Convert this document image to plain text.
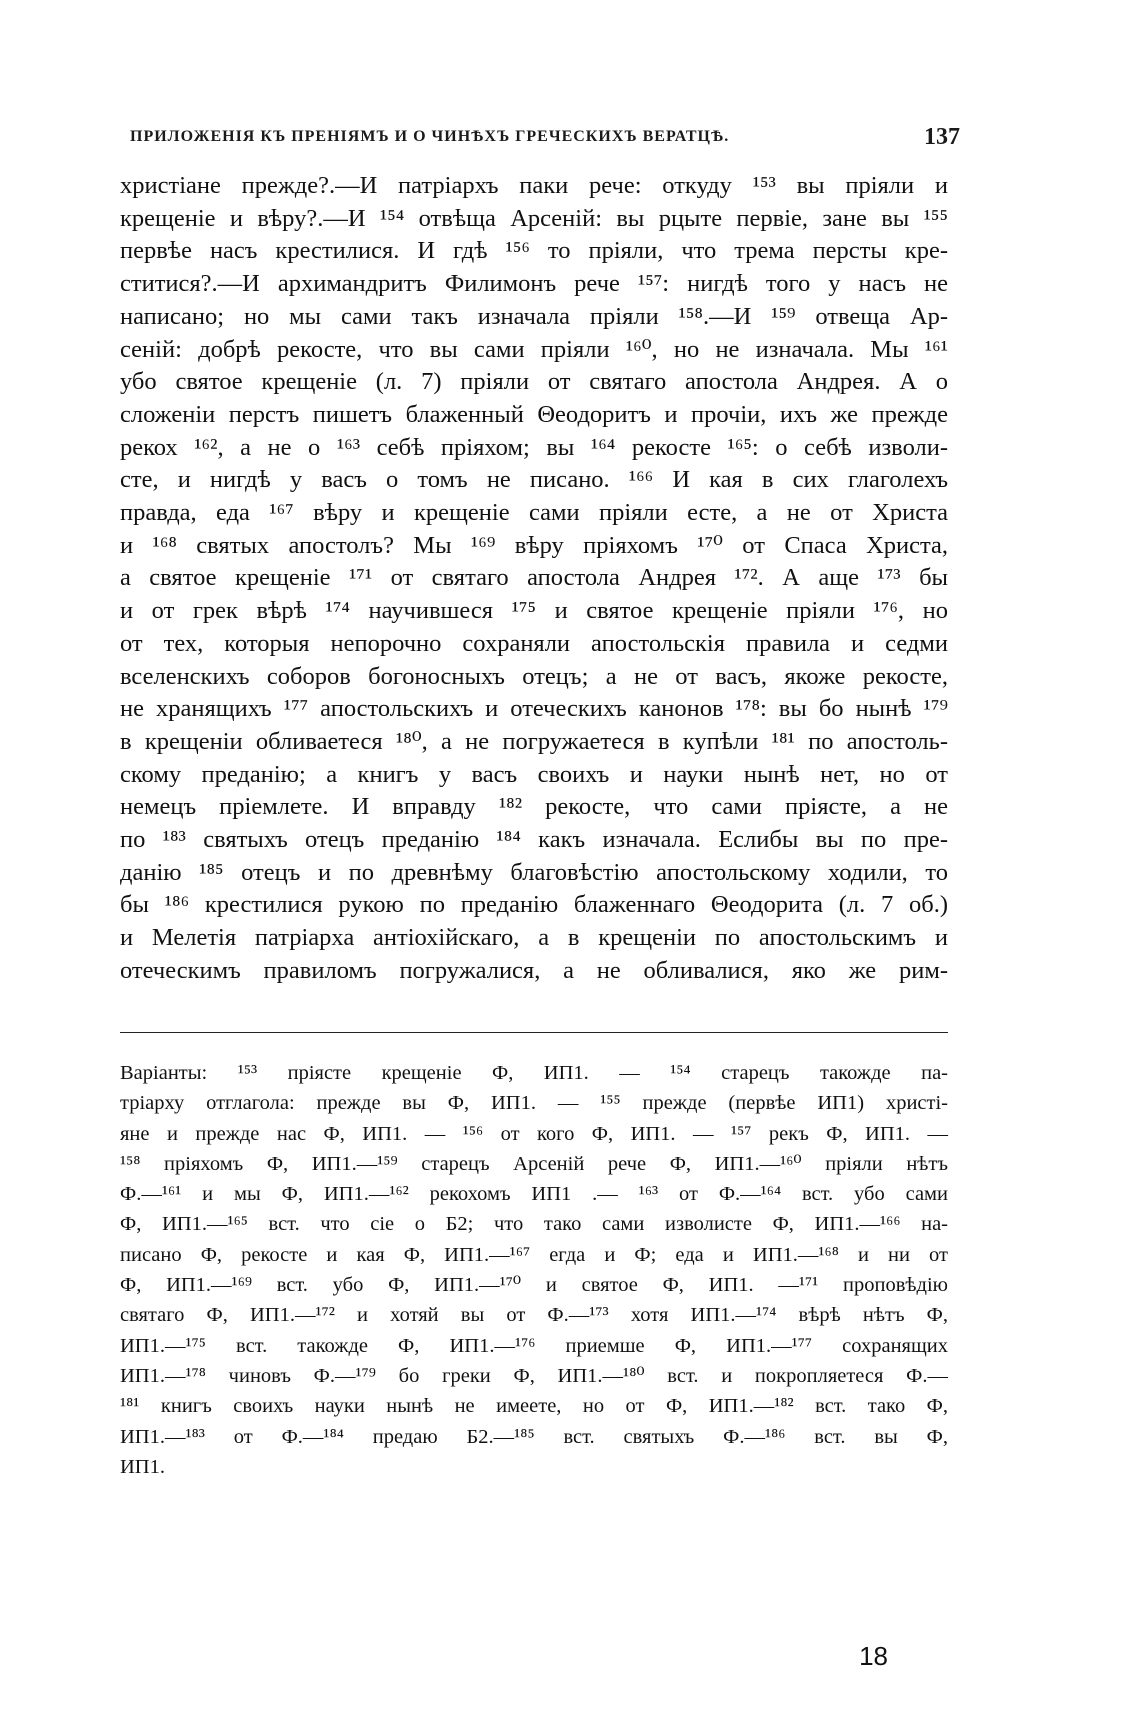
ПРИЛОЖЕНІЯ КЪ ПРЕНІЯМЪ И О ЧИНѢХЪ ГРЕЧЕСКИХЪ ВЕРАТЦѢ.	137
христіане прежде?.—И патріархъ паки рече: откуду ¹⁵³ вы пріяли и
крещеніе и вѣру?.—И ¹⁵⁴ отвѣща Арсеній: вы рцыте первіе, зане вы ¹⁵⁵
первѣе насъ крестилися. И гдѣ ¹⁵⁶ то пріяли, что трема персты кре-
ститися?.—И архимандритъ Филимонъ рече ¹⁵⁷: нигдѣ того у насъ не
написано; но мы сами такъ изначала пріяли ¹⁵⁸.—И ¹⁵⁹ отвеща Ар-
сеній: добрѣ рекосте, что вы сами пріяли ¹⁶⁰, но не изначала. Мы ¹⁶¹
убо святое крещеніе (л. 7) пріяли от святаго апостола Андрея. А о
сложеніи перстъ пишетъ блаженный Θеодоритъ и прочіи, ихъ же прежде
рекох ¹⁶², а не о ¹⁶³ себѣ пріяхом; вы ¹⁶⁴ рекосте ¹⁶⁵: о себѣ изволи-
сте, и нигдѣ у васъ о томъ не писано. ¹⁶⁶ И кая в сих глаголехъ
правда, еда ¹⁶⁷ вѣру и крещеніе сами пріяли есте, а не от Христа
и ¹⁶⁸ святых апостолъ? Мы ¹⁶⁹ вѣру пріяхомъ ¹⁷⁰ от Спаса Христа,
а святое крещеніе ¹⁷¹ от святаго апостола Андрея ¹⁷². А аще ¹⁷³ бы
и от грек вѣрѣ ¹⁷⁴ научившеся ¹⁷⁵ и святое крещеніе пріяли ¹⁷⁶, но
от тех, которыя непорочно сохраняли апостольскія правила и седми
вселенскихъ соборов богоносныхъ отецъ; а не от васъ, якоже рекосте,
не хранящихъ ¹⁷⁷ апостольскихъ и отеческихъ канонов ¹⁷⁸: вы бо нынѣ ¹⁷⁹
в крещеніи обливаетеся ¹⁸⁰, а не погружаетеся в купѣли ¹⁸¹ по апостоль-
скому преданію; а книгъ у васъ своихъ и науки нынѣ нет, но от
немецъ пріемлете. И вправду ¹⁸² рекосте, что сами пріясте, а не
по ¹⁸³ святыхъ отецъ преданію ¹⁸⁴ какъ изначала. Еслибы вы по пре-
данію ¹⁸⁵ отецъ и по древнѣму благовѣстію апостольскому ходили, то
бы ¹⁸⁶ крестилися рукою по преданію блаженнаго Θеодорита (л. 7 об.)
и Мелетія патріарха антіохійскаго, а в крещеніи по апостольскимъ и
отеческимъ правиломъ погружалися, а не обливалися, яко же рим-
Варіанты: ¹⁵³ пріясте крещеніе Ф, ИП1. — ¹⁵⁴ старецъ такожде па-
тріарху отглагола: прежде вы Ф, ИП1. — ¹⁵⁵ прежде (первѣе ИП1) христі-
яне и прежде нас Ф, ИП1. — ¹⁵⁶ от кого Ф, ИП1. — ¹⁵⁷ рекъ Ф, ИП1. —
¹⁵⁸ пріяхомъ Ф, ИП1.—¹⁵⁹ старецъ Арсеній рече Ф, ИП1.—¹⁶⁰ пріяли нѣтъ
Ф.—¹⁶¹ и мы Ф, ИП1.—¹⁶² рекохомъ ИП1 .— ¹⁶³ от Ф.—¹⁶⁴ вст. убо сами
Ф, ИП1.—¹⁶⁵ вст. что сіе о Б2; что тако сами изволисте Ф, ИП1.—¹⁶⁶ на-
писано Ф, рекосте и кая Ф, ИП1.—¹⁶⁷ егда и Ф; еда и ИП1.—¹⁶⁸ и ни от
Ф, ИП1.—¹⁶⁹ вст. убо Ф, ИП1.—¹⁷⁰ и святое Ф, ИП1. —¹⁷¹ проповѣдію
святаго Ф, ИП1.—¹⁷² и хотяй вы от Ф.—¹⁷³ хотя ИП1.—¹⁷⁴ вѣрѣ нѣтъ Ф,
ИП1.—¹⁷⁵ вст. такожде Ф, ИП1.—¹⁷⁶ приемше Ф, ИП1.—¹⁷⁷ сохранящих
ИП1.—¹⁷⁸ чиновъ Ф.—¹⁷⁹ бо греки Ф, ИП1.—¹⁸⁰ вст. и покропляетеся Ф.—
¹⁸¹ книгъ своихъ науки нынѣ не имеете, но от Ф, ИП1.—¹⁸² вст. тако Ф,
ИП1.—¹⁸³ от Ф.—¹⁸⁴ предаю Б2.—¹⁸⁵ вст. святыхъ Ф.—¹⁸⁶ вст. вы Ф,
ИП1.
18
